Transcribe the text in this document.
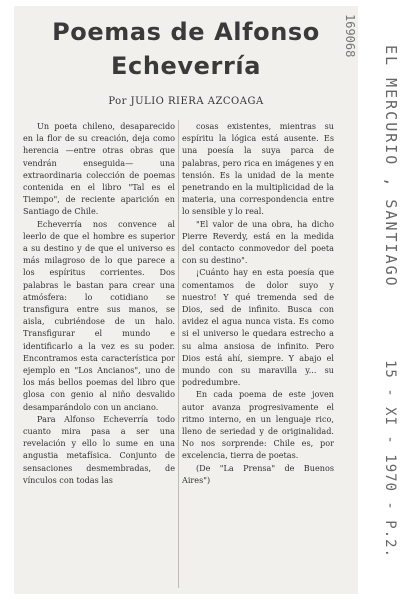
Poemas de Alfonso
Echeverría
Por JULIO RIERA AZCOAGA

Un poeta chileno, desaparecido en la flor de su creación, deja como herencia —entre otras obras que vendrán enseguida— una extraordinaria colección de poemas contenida en el libro "Tal es el Tiempo", de reciente aparición en Santiago de Chile.

Echeverría nos convence al leerlo de que el hombre es superior a su destino y de que el universo es más milagroso de lo que parece a los espíritus corrientes. Dos palabras le bastan para crear una atmósfera: lo cotidiano se transfigura entre sus manos, se aisla, cubriéndose de un halo. Transfigurar el mundo e identificarlo a la vez es su poder. Encontramos esta característica por ejemplo en "Los Ancianos", uno de los más bellos poemas del libro que glosa con genio al niño desvalido desamparándolo con un anciano.

Para Alfonso Echeverría todo cuanto mira pasa a ser una revelación y ello lo sume en una angustia metafísica. Conjunto de sensaciones desmembradas, de vínculos con todas las

cosas existentes, mientras su espíritu la lógica está ausente. Es una poesía la suya parca de palabras, pero rica en imágenes y en tensión. Es la unidad de la mente penetrando en la multiplicidad de la materia, una correspondencia entre lo sensible y lo real.

"El valor de una obra, ha dicho Pierre Reverdy, está en la medida del contacto conmovedor del poeta con su destino".

¡Cuánto hay en esta poesía que comentamos de dolor suyo y nuestro! Y qué tremenda sed de Dios, sed de infinito. Busca con avidez el agua nunca vista. Es como si el universo le quedara estrecho a su alma ansiosa de infinito. Pero Dios está ahí, siempre. Y abajo el mundo con su maravilla y... su podredumbre.

En cada poema de este joven autor avanza progresivamente el ritmo interno, en un lenguaje rico, lleno de seriedad y de originalidad. No nos sorprende: Chile es, por excelencia, tierra de poetas.

(De "La Prensa" de Buenos Aires")

169068
EL MERCURIO , SANTIAGO
15 - XI - 1970 - P.2.
